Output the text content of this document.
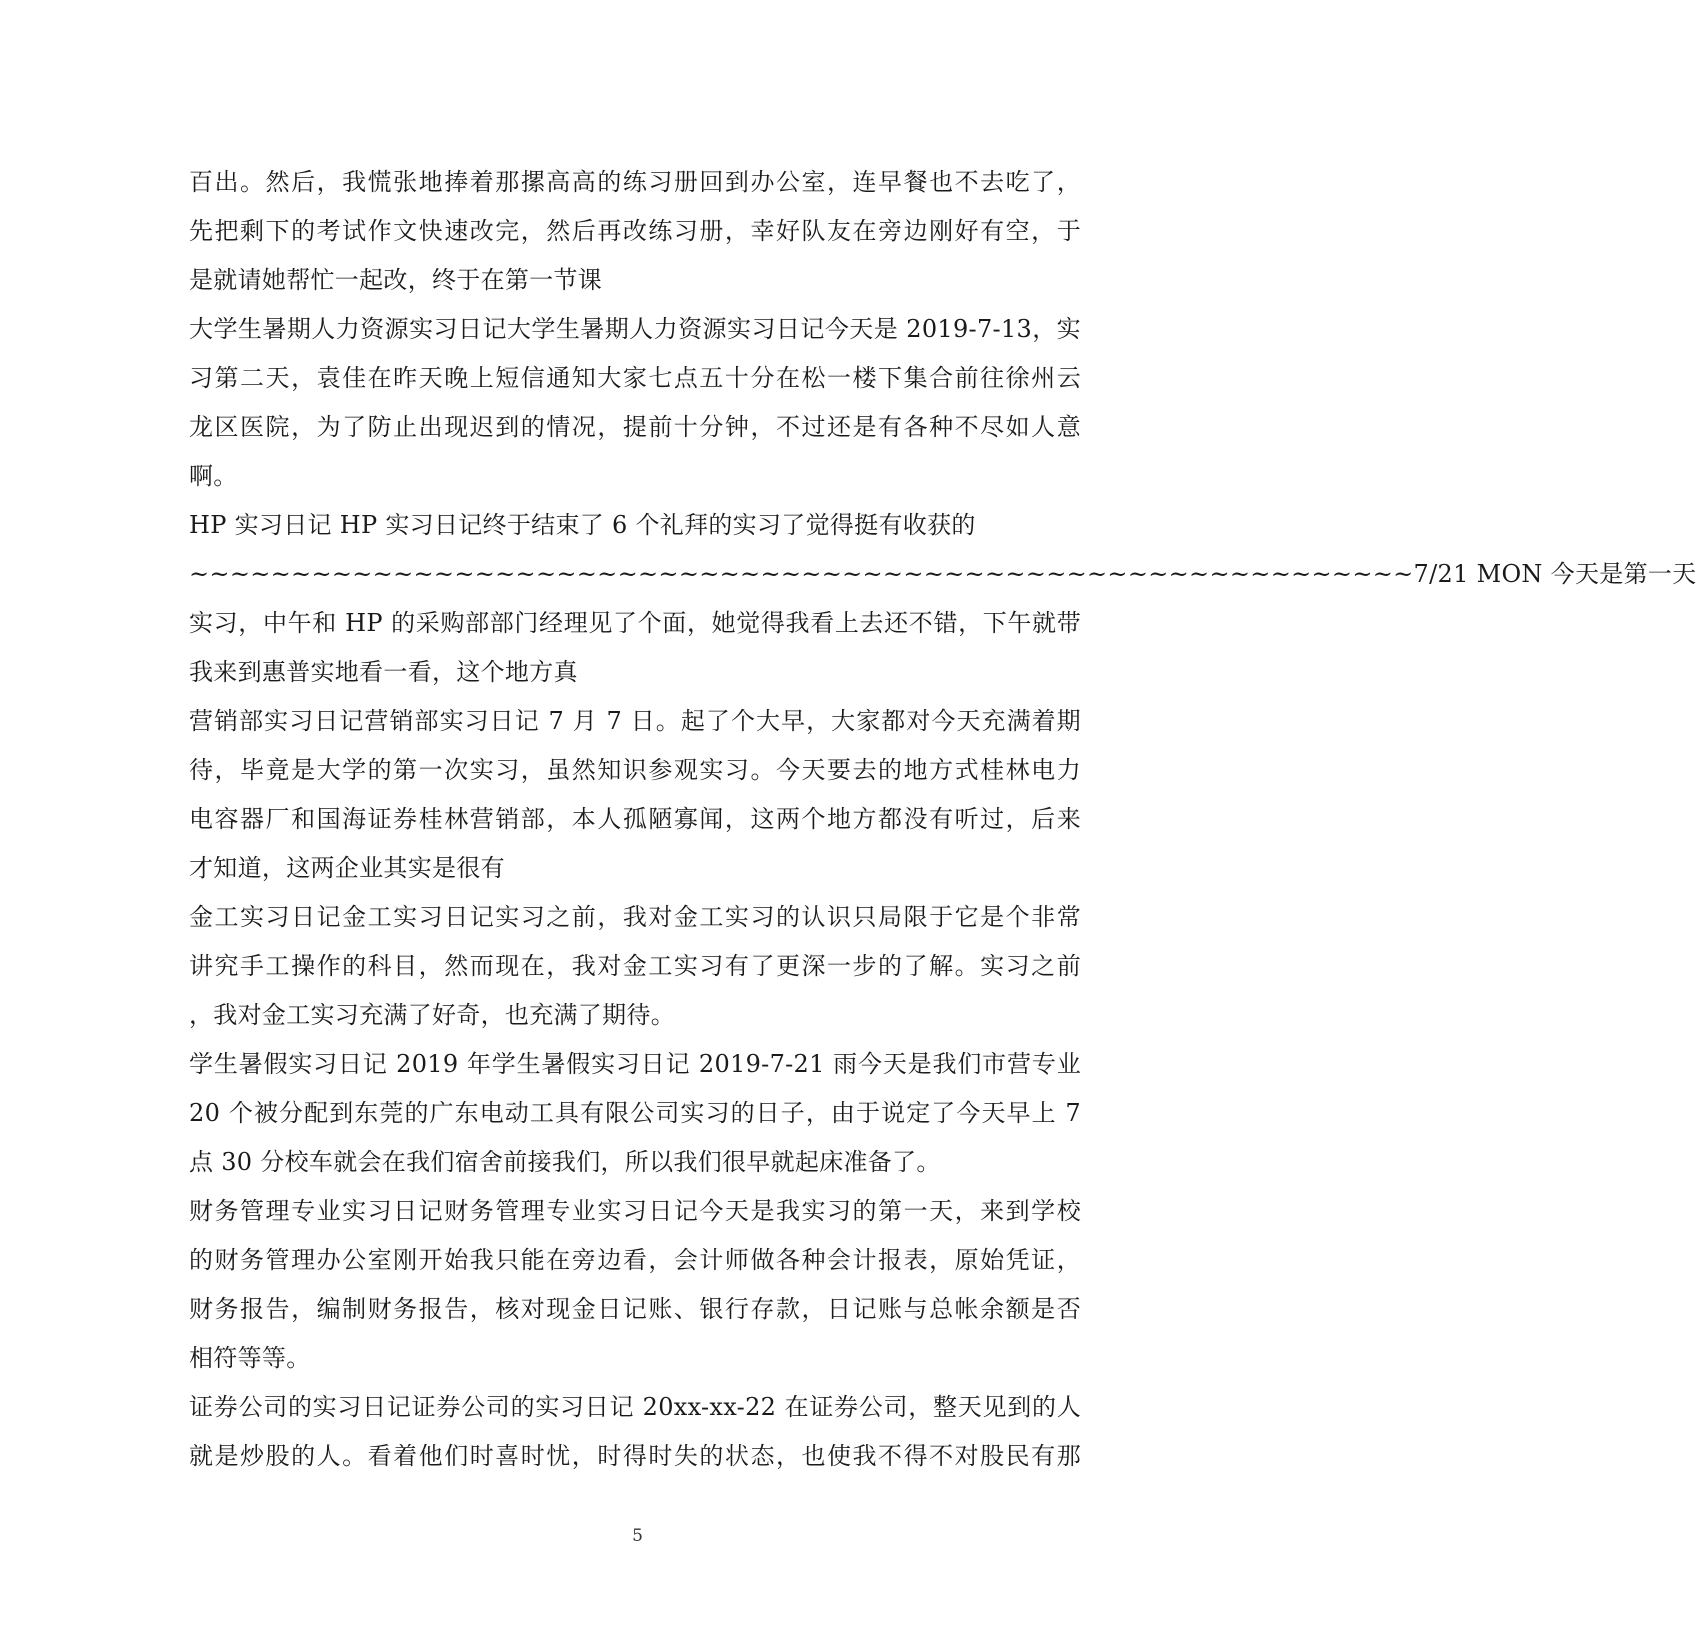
百出。然后，我慌张地捧着那摞高高的练习册回到办公室，连早餐也不去吃了，
先把剩下的考试作文快速改完，然后再改练习册，幸好队友在旁边刚好有空，于
是就请她帮忙一起改，终于在第一节课
大学生暑期人力资源实习日记大学生暑期人力资源实习日记今天是 2019-7-13，实
习第二天，袁佳在昨天晚上短信通知大家七点五十分在松一楼下集合前往徐州云
龙区医院，为了防止出现迟到的情况，提前十分钟，不过还是有各种不尽如人意
啊。
HP 实习日记 HP 实习日记终于结束了 6 个礼拜的实习了觉得挺有收获的
~~~~~~~~~~~~~~~~~~~~~~~~~~~~~~~~~~~~~~~~~~~~~~~~~~~~~~~~~~~~7/21 MON 今天是第一天
实习，中午和 HP 的采购部部门经理见了个面，她觉得我看上去还不错，下午就带
我来到惠普实地看一看，这个地方真
营销部实习日记营销部实习日记 7 月 7 日。起了个大早，大家都对今天充满着期
待，毕竟是大学的第一次实习，虽然知识参观实习。今天要去的地方式桂林电力
电容器厂和国海证券桂林营销部，本人孤陋寡闻，这两个地方都没有听过，后来
才知道，这两企业其实是很有
金工实习日记金工实习日记实习之前，我对金工实习的认识只局限于它是个非常
讲究手工操作的科目，然而现在，我对金工实习有了更深一步的了解。实习之前
，我对金工实习充满了好奇，也充满了期待。
学生暑假实习日记 2019 年学生暑假实习日记 2019-7-21 雨今天是我们市营专业
20 个被分配到东莞的广东电动工具有限公司实习的日子，由于说定了今天早上 7
点 30 分校车就会在我们宿舍前接我们，所以我们很早就起床准备了。
财务管理专业实习日记财务管理专业实习日记今天是我实习的第一天，来到学校
的财务管理办公室刚开始我只能在旁边看，会计师做各种会计报表，原始凭证，
财务报告，编制财务报告，核对现金日记账、银行存款，日记账与总帐余额是否
相符等等。
证券公司的实习日记证券公司的实习日记 20xx-xx-22 在证券公司，整天见到的人
就是炒股的人。看着他们时喜时忧，时得时失的状态，也使我不得不对股民有那
5
